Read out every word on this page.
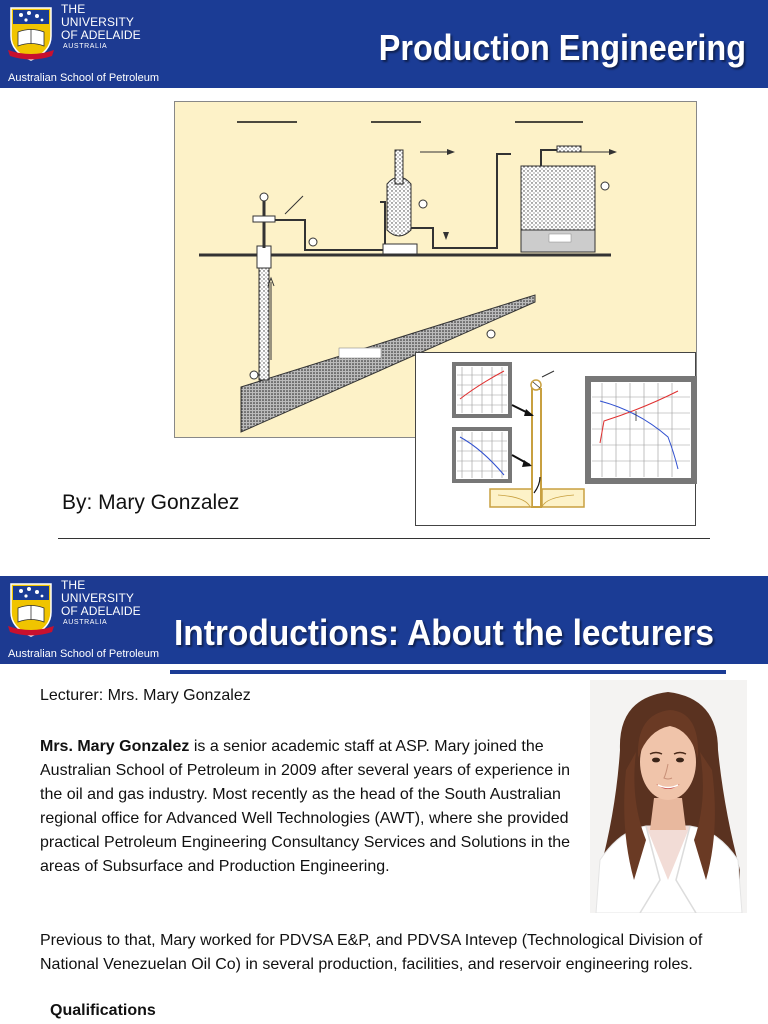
THE UNIVERSITY
OF ADELAIDE
AUSTRALIA
Australian School of Petroleum
Production Engineering
By: Mary Gonzalez
THE UNIVERSITY
OF ADELAIDE
AUSTRALIA
Australian School of Petroleum
Introductions: About the lecturers
Lecturer: Mrs. Mary Gonzalez
Mrs. Mary Gonzalez is a senior academic staff at ASP. Mary joined the Australian School of Petroleum in 2009 after several years of experience in the oil and gas industry. Most recently as the head of the South Australian regional office for Advanced Well Technologies (AWT), where she provided practical Petroleum Engineering Consultancy Services and Solutions in the areas of Subsurface and Production Engineering.
Previous to that, Mary worked for PDVSA E&P, and PDVSA Intevep (Technological Division of National Venezuelan Oil Co) in several production, facilities, and reservoir engineering roles.
Qualifications
